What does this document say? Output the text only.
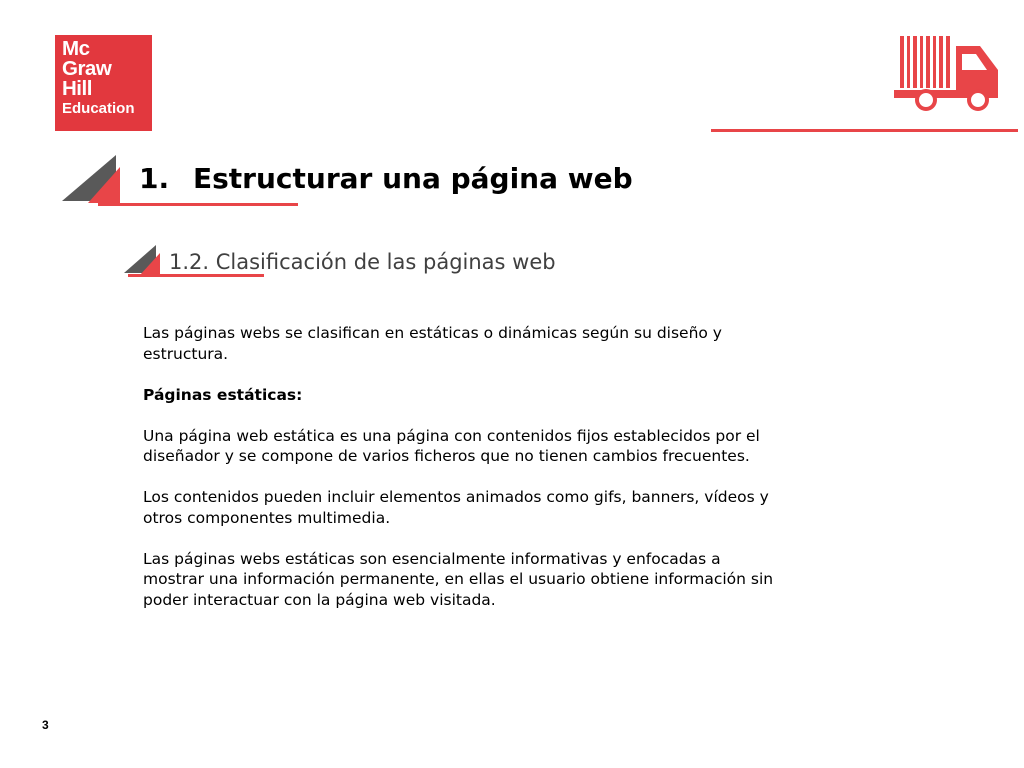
Mc
Graw
Hill
Education
1. Estructurar una página web
1.2. Clasificación de las páginas web

Las páginas webs se clasifican en estáticas o dinámicas según su diseño y estructura.

Páginas estáticas:

Una página web estática es una página con contenidos fijos establecidos por el diseñador y se compone de varios ficheros que no tienen cambios frecuentes.

Los contenidos pueden incluir elementos animados como gifs, banners, vídeos y otros componentes multimedia.

Las páginas webs estáticas son esencialmente informativas y enfocadas a mostrar una información permanente, en ellas el usuario obtiene información sin poder interactuar con la página web visitada.

3
